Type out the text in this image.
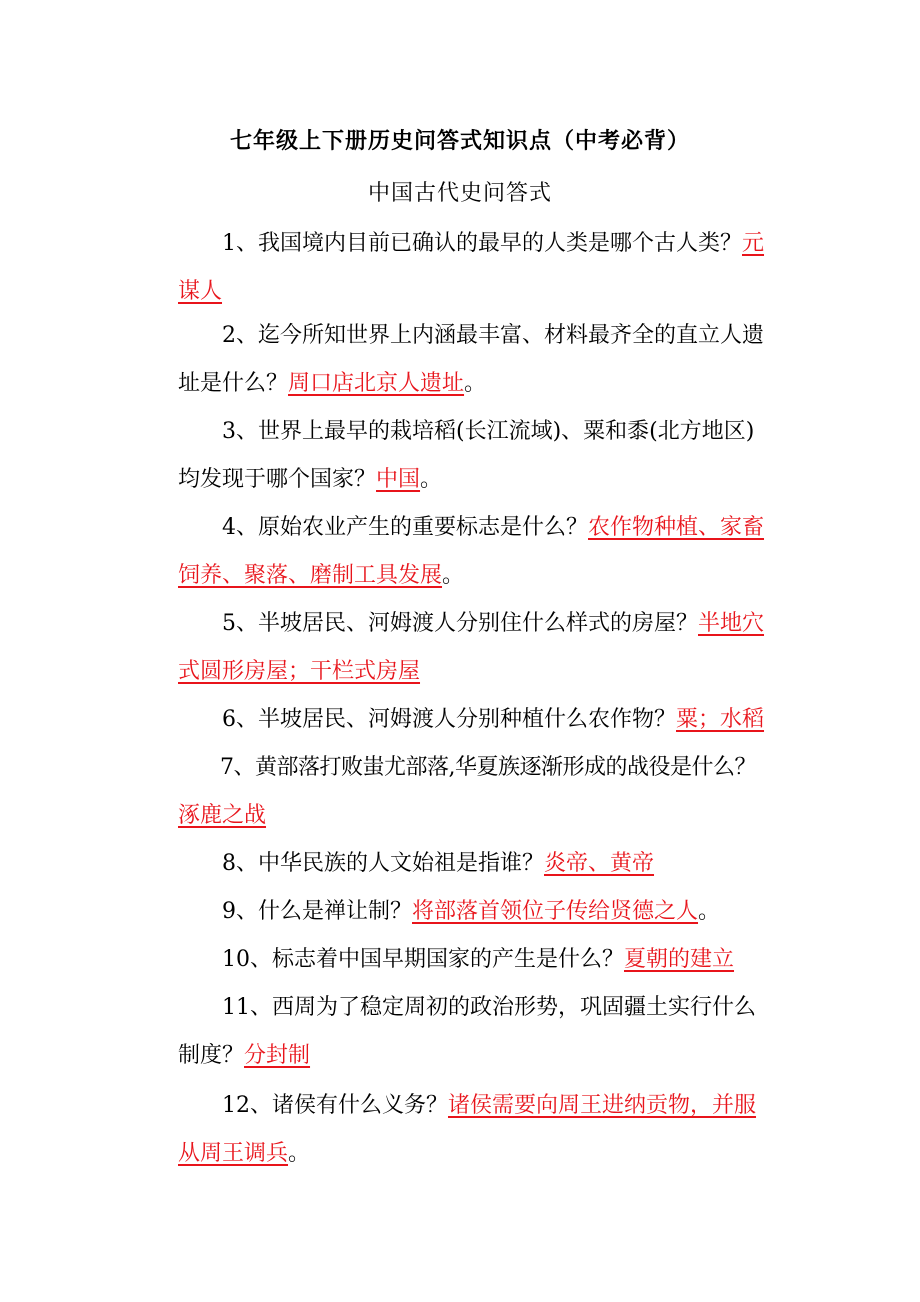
七年级上下册历史问答式知识点（中考必背）
中国古代史问答式
1、我国境内目前已确认的最早的人类是哪个古人类？元
谋人
2、迄今所知世界上内涵最丰富、材料最齐全的直立人遗
址是什么？周口店北京人遗址。
3、世界上最早的栽培稻(长江流域)、粟和黍(北方地区)
均发现于哪个国家？中国。
4、原始农业产生的重要标志是什么？农作物种植、家畜
饲养、聚落、磨制工具发展。
5、半坡居民、河姆渡人分别住什么样式的房屋？半地穴
式圆形房屋；干栏式房屋
6、半坡居民、河姆渡人分别种植什么农作物？粟；水稻
7、黄部落打败蚩尤部落,华夏族逐渐形成的战役是什么？
涿鹿之战
8、中华民族的人文始祖是指谁？炎帝、黄帝
9、什么是禅让制？将部落首领位子传给贤德之人。
10、标志着中国早期国家的产生是什么？夏朝的建立
11、西周为了稳定周初的政治形势，巩固疆土实行什么
制度？分封制
12、诸侯有什么义务？诸侯需要向周王进纳贡物，并服
从周王调兵。
